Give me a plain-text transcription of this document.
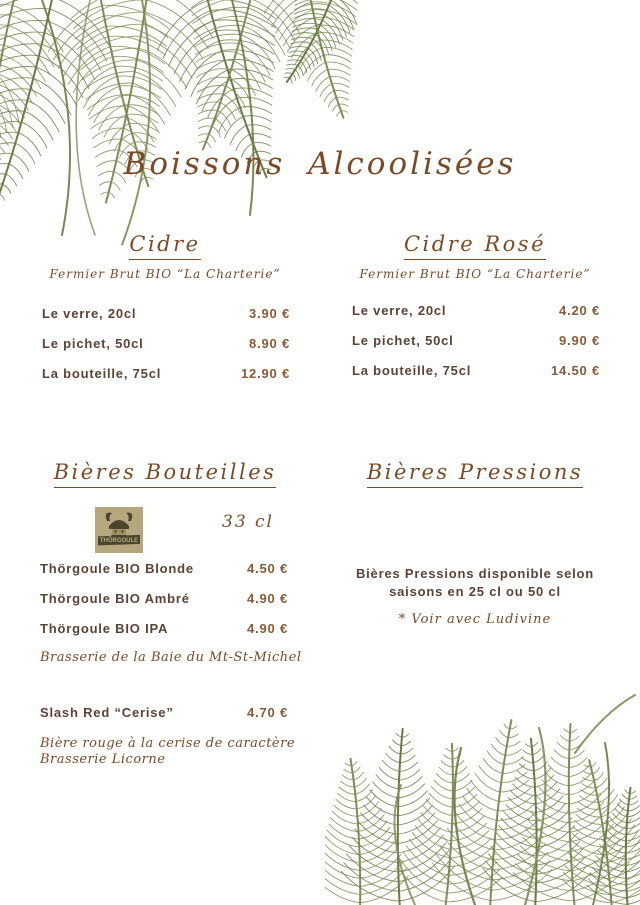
Boissons Alcoolisées
Cidre
Fermier Brut BIO “La Charterie”
Le verre, 20cl	3.90 €
Le pichet, 50cl	8.90 €
La bouteille, 75cl	12.90 €
Cidre Rosé
Fermier Brut BIO “La Charterie”
Le verre, 20cl	4.20 €
Le pichet, 50cl	9.90 €
La bouteille, 75cl	14.50 €
Bières Bouteilles
THÔRGOULE
33 cl
Thörgoule BIO Blonde	4.50 €
Thörgoule BIO Ambré	4.90 €
Thörgoule BIO IPA	4.90 €
Brasserie de la Baie du Mt-St-Michel
Slash Red “Cerise”	4.70 €
Bière rouge à la cerise de caractère
Brasserie Licorne
Bières Pressions
Bières Pressions disponible selon
saisons en 25 cl ou 50 cl
* Voir avec Ludivine
